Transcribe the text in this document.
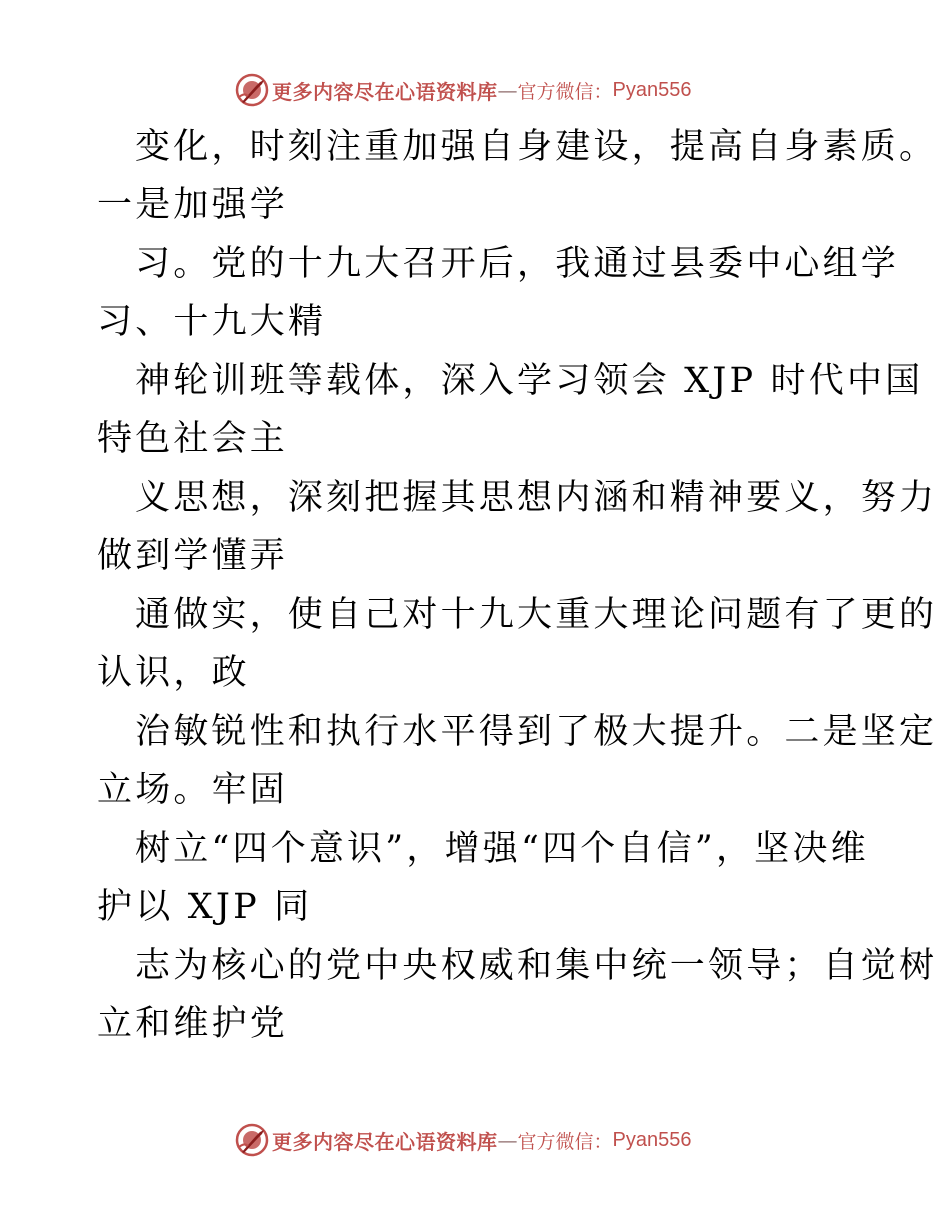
更多内容尽在心语资料库 — 官方微信： Pyan556
变化，时刻注重加强自身建设，提高自身素质。
一是加强学
习。党的十九大召开后，我通过县委中心组学
习、十九大精
神轮训班等载体，深入学习领会 XJP 时代中国
特色社会主
义思想，深刻把握其思想内涵和精神要义，努力
做到学懂弄
通做实，使自己对十九大重大理论问题有了更的
认识，政
治敏锐性和执行水平得到了极大提升。二是坚定
立场。牢固
树立“四个意识”，增强“四个自信”，坚决维
护以 XJP 同
志为核心的党中央权威和集中统一领导；自觉树
立和维护党
更多内容尽在心语资料库 — 官方微信： Pyan556
